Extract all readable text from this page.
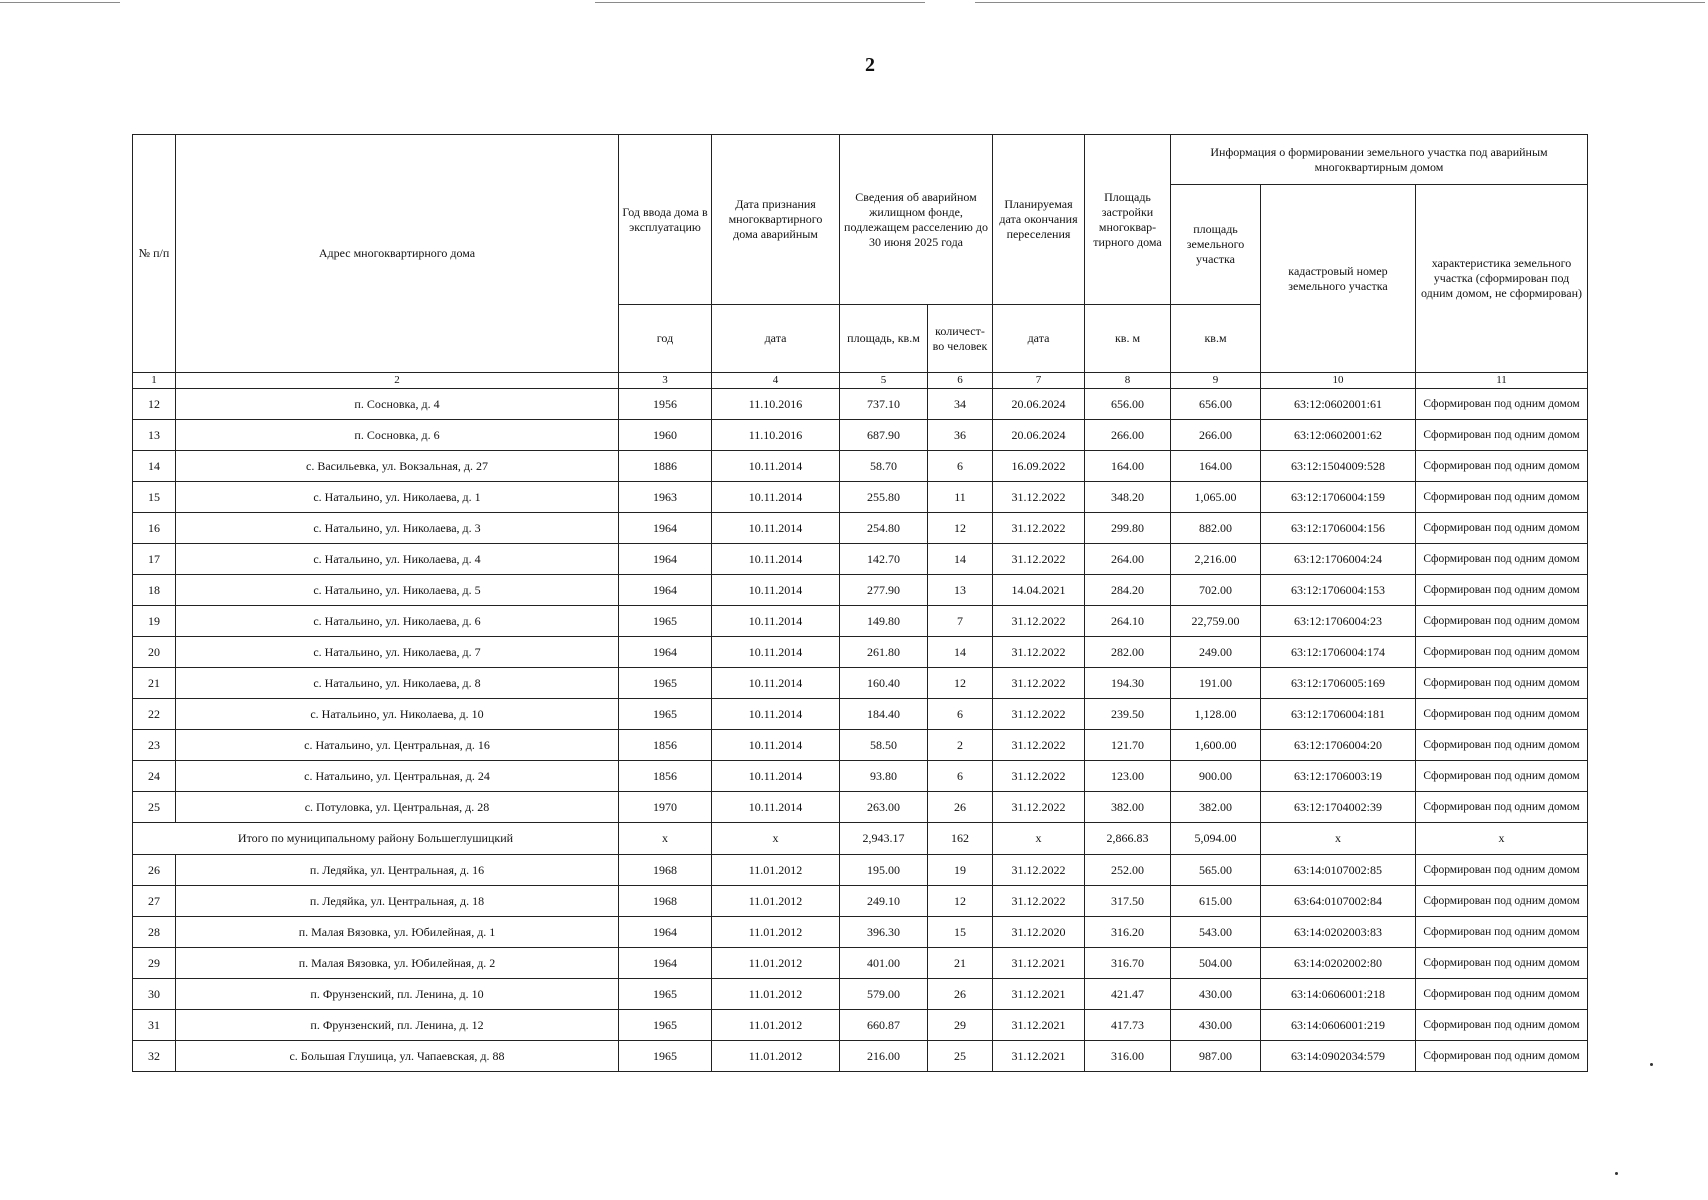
2
№ п/п	Адрес многоквартирного дома	Год ввода дома в эксплуатацию	Дата признания многоквартирного дома аварийным	Сведения об аварийном жилищном фонде, подлежащем расселению до 30 июня 2025 года		Планируемая дата окончания переселения	Площадь застройки многоквар-тирного дома	Информация о формировании земельного участка под аварийным многоквартирным домом		
								площадь земельного участка	кадастровый номер земельного участка	характеристика земельного участка (сформирован под одним домом, не сформирован)
		год	дата	площадь, кв.м	количест-во человек	дата	кв. м	кв.м		
1	2	3	4	5	6	7	8	9	10	11
12	п. Сосновка, д. 4	1956	11.10.2016	737.10	34	20.06.2024	656.00	656.00	63:12:0602001:61	Сформирован под одним домом
13	п. Сосновка, д. 6	1960	11.10.2016	687.90	36	20.06.2024	266.00	266.00	63:12:0602001:62	Сформирован под одним домом
14	с. Васильевка, ул. Вокзальная, д. 27	1886	10.11.2014	58.70	6	16.09.2022	164.00	164.00	63:12:1504009:528	Сформирован под одним домом
15	с. Натальино, ул. Николаева, д. 1	1963	10.11.2014	255.80	11	31.12.2022	348.20	1,065.00	63:12:1706004:159	Сформирован под одним домом
16	с. Натальино, ул. Николаева, д. 3	1964	10.11.2014	254.80	12	31.12.2022	299.80	882.00	63:12:1706004:156	Сформирован под одним домом
17	с. Натальино, ул. Николаева, д. 4	1964	10.11.2014	142.70	14	31.12.2022	264.00	2,216.00	63:12:1706004:24	Сформирован под одним домом
18	с. Натальино, ул. Николаева, д. 5	1964	10.11.2014	277.90	13	14.04.2021	284.20	702.00	63:12:1706004:153	Сформирован под одним домом
19	с. Натальино, ул. Николаева, д. 6	1965	10.11.2014	149.80	7	31.12.2022	264.10	22,759.00	63:12:1706004:23	Сформирован под одним домом
20	с. Натальино, ул. Николаева, д. 7	1964	10.11.2014	261.80	14	31.12.2022	282.00	249.00	63:12:1706004:174	Сформирован под одним домом
21	с. Натальино, ул. Николаева, д. 8	1965	10.11.2014	160.40	12	31.12.2022	194.30	191.00	63:12:1706005:169	Сформирован под одним домом
22	с. Натальино, ул. Николаева, д. 10	1965	10.11.2014	184.40	6	31.12.2022	239.50	1,128.00	63:12:1706004:181	Сформирован под одним домом
23	с. Натальино, ул. Центральная, д. 16	1856	10.11.2014	58.50	2	31.12.2022	121.70	1,600.00	63:12:1706004:20	Сформирован под одним домом
24	с. Натальино, ул. Центральная, д. 24	1856	10.11.2014	93.80	6	31.12.2022	123.00	900.00	63:12:1706003:19	Сформирован под одним домом
25	с. Потуловка, ул. Центральная, д. 28	1970	10.11.2014	263.00	26	31.12.2022	382.00	382.00	63:12:1704002:39	Сформирован под одним домом
Итого по муниципальному району Большеглушицкий		x	x	2,943.17	162	x	2,866.83	5,094.00	x	x
26	п. Ледяйка, ул. Центральная, д. 16	1968	11.01.2012	195.00	19	31.12.2022	252.00	565.00	63:14:0107002:85	Сформирован под одним домом
27	п. Ледяйка, ул. Центральная, д. 18	1968	11.01.2012	249.10	12	31.12.2022	317.50	615.00	63:64:0107002:84	Сформирован под одним домом
28	п. Малая Вязовка, ул. Юбилейная, д. 1	1964	11.01.2012	396.30	15	31.12.2020	316.20	543.00	63:14:0202003:83	Сформирован под одним домом
29	п. Малая Вязовка, ул. Юбилейная, д. 2	1964	11.01.2012	401.00	21	31.12.2021	316.70	504.00	63:14:0202002:80	Сформирован под одним домом
30	п. Фрунзенский, пл. Ленина, д. 10	1965	11.01.2012	579.00	26	31.12.2021	421.47	430.00	63:14:0606001:218	Сформирован под одним домом
31	п. Фрунзенский, пл. Ленина, д. 12	1965	11.01.2012	660.87	29	31.12.2021	417.73	430.00	63:14:0606001:219	Сформирован под одним домом
32	с. Большая Глушица, ул. Чапаевская, д. 88	1965	11.01.2012	216.00	25	31.12.2021	316.00	987.00	63:14:0902034:579	Сформирован под одним домом
